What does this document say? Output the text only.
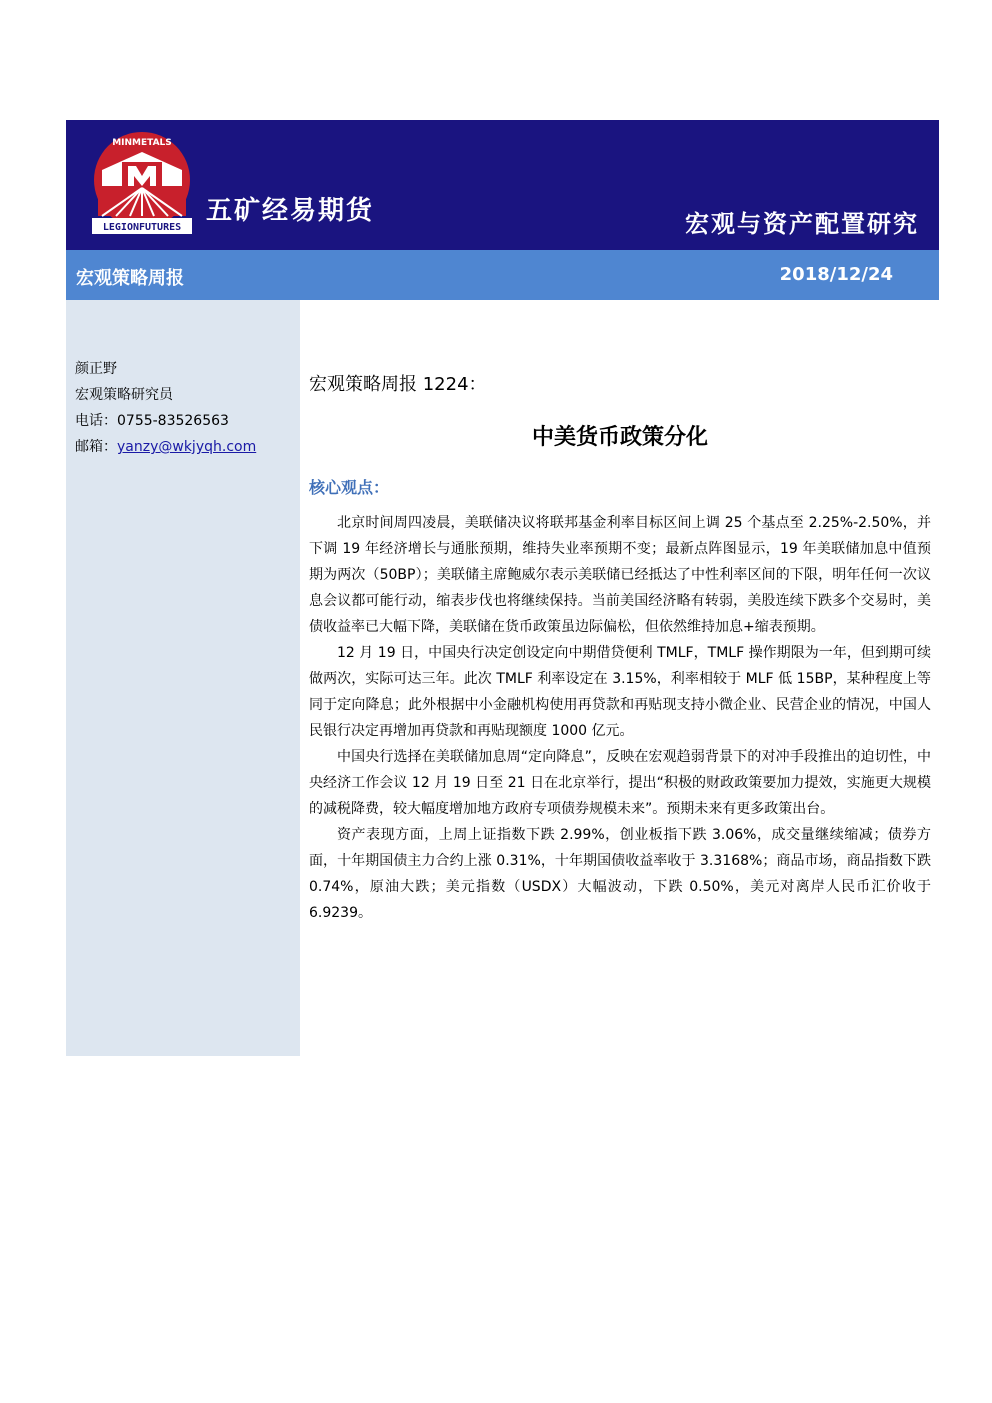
LEGIONFUTURES
MINMETALS
五矿经易期货	宏观与资产配置研究
宏观策略周报	2018/12/24
颜正野
宏观策略研究员
电话：0755-83526563
邮箱：yanzy@wkjyqh.com
宏观策略周报 1224：
中美货币政策分化
核心观点：

北京时间周四凌晨，美联储决议将联邦基金利率目标区间上调 25 个基点至 2.25%-2.50%，并下调 19 年经济增长与通胀预期，维持失业率预期不变；最新点阵图显示，19 年美联储加息中值预期为两次（50BP）；美联储主席鲍威尔表示美联储已经抵达了中性利率区间的下限，明年任何一次议息会议都可能行动，缩表步伐也将继续保持。当前美国经济略有转弱，美股连续下跌多个交易时，美债收益率已大幅下降，美联储在货币政策虽边际偏松，但依然维持加息+缩表预期。

12 月 19 日，中国央行决定创设定向中期借贷便利 TMLF，TMLF 操作期限为一年，但到期可续做两次，实际可达三年。此次 TMLF 利率设定在 3.15%，利率相较于 MLF 低 15BP，某种程度上等同于定向降息；此外根据中小金融机构使用再贷款和再贴现支持小微企业、民营企业的情况，中国人民银行决定再增加再贷款和再贴现额度 1000 亿元。

中国央行选择在美联储加息周“定向降息”，反映在宏观趋弱背景下的对冲手段推出的迫切性，中央经济工作会议 12 月 19 日至 21 日在北京举行，提出“积极的财政政策要加力提效，实施更大规模的减税降费，较大幅度增加地方政府专项债券规模未来”。预期未来有更多政策出台。

资产表现方面，上周上证指数下跌 2.99%，创业板指下跌 3.06%，成交量继续缩减；债券方面，十年期国债主力合约上涨 0.31%，十年期国债收益率收于 3.3168%；商品市场，商品指数下跌 0.74%，原油大跌；美元指数（USDX）大幅波动，下跌 0.50%，美元对离岸人民币汇价收于 6.9239。
